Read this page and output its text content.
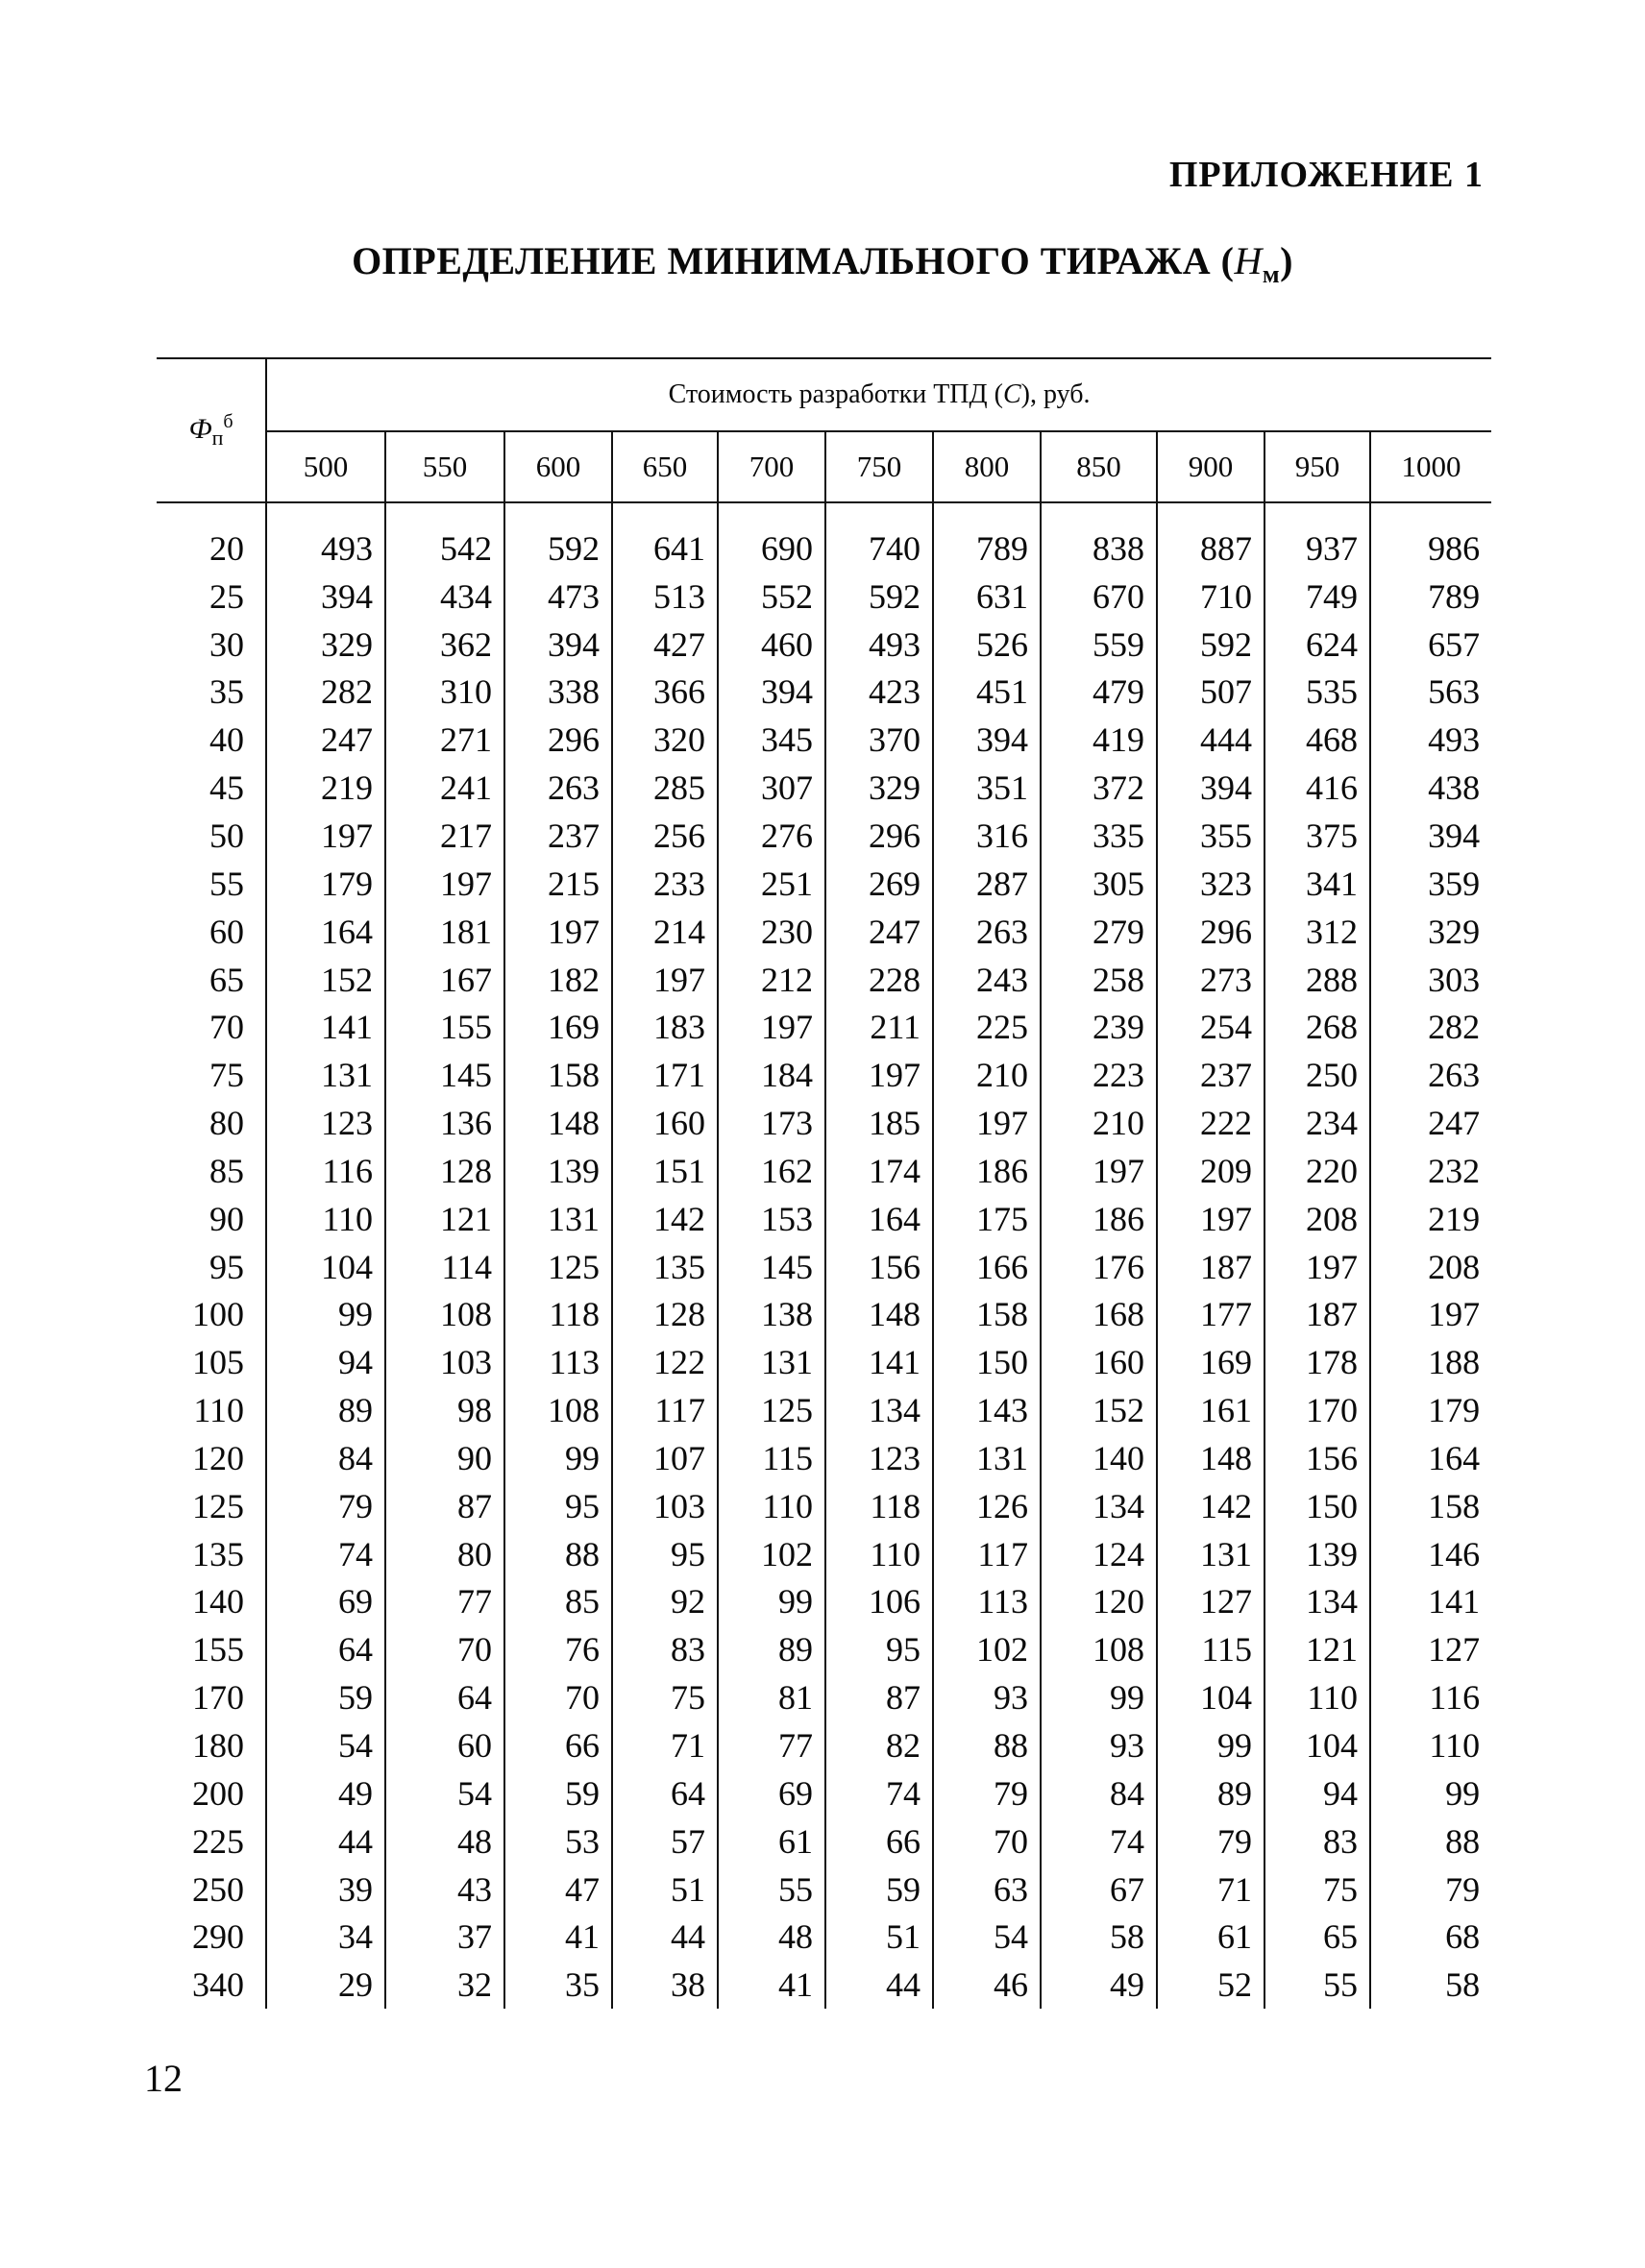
ПРИЛОЖЕНИЕ 1
ОПРЕДЕЛЕНИЕ МИНИМАЛЬНОГО ТИРАЖА $(Н_м)$
$Ф_п^б$	Стоимость разработки ТПД (С), руб.										
	500	550	600	650	700	750	800	850	900	950	1000

20	493	542	592	641	690	740	789	838	887	937	986
25	394	434	473	513	552	592	631	670	710	749	789
30	329	362	394	427	460	493	526	559	592	624	657
35	282	310	338	366	394	423	451	479	507	535	563
40	247	271	296	320	345	370	394	419	444	468	493
45	219	241	263	285	307	329	351	372	394	416	438
50	197	217	237	256	276	296	316	335	355	375	394
55	179	197	215	233	251	269	287	305	323	341	359
60	164	181	197	214	230	247	263	279	296	312	329
65	152	167	182	197	212	228	243	258	273	288	303
70	141	155	169	183	197	211	225	239	254	268	282
75	131	145	158	171	184	197	210	223	237	250	263
80	123	136	148	160	173	185	197	210	222	234	247
85	116	128	139	151	162	174	186	197	209	220	232
90	110	121	131	142	153	164	175	186	197	208	219
95	104	114	125	135	145	156	166	176	187	197	208
100	99	108	118	128	138	148	158	168	177	187	197
105	94	103	113	122	131	141	150	160	169	178	188
110	89	98	108	117	125	134	143	152	161	170	179
120	84	90	99	107	115	123	131	140	148	156	164
125	79	87	95	103	110	118	126	134	142	150	158
135	74	80	88	95	102	110	117	124	131	139	146
140	69	77	85	92	99	106	113	120	127	134	141
155	64	70	76	83	89	95	102	108	115	121	127
170	59	64	70	75	81	87	93	99	104	110	116
180	54	60	66	71	77	82	88	93	99	104	110
200	49	54	59	64	69	74	79	84	89	94	99
225	44	48	53	57	61	66	70	74	79	83	88
250	39	43	47	51	55	59	63	67	71	75	79
290	34	37	41	44	48	51	54	58	61	65	68
340	29	32	35	38	41	44	46	49	52	55	58
12
